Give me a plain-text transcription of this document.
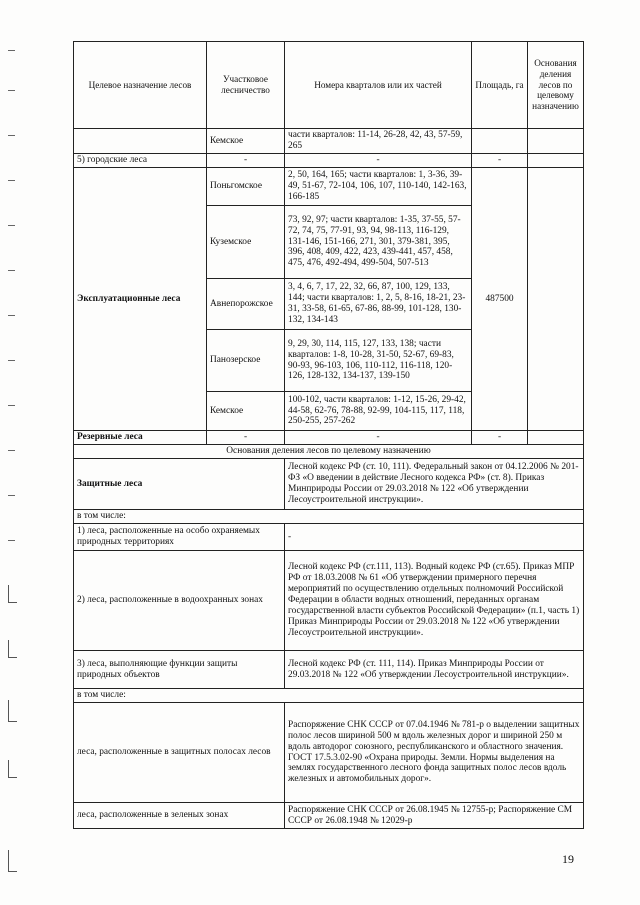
Целевое назначение лесов	Участковое лесничество	Номера кварталов или их частей	Площадь, га	Основания деления лесов по целевому назначению
	Кемское	части кварталов: 11-14, 26-28, 42, 43, 57-59, 265		
5) городские леса	-	-	-	
Эксплуатационные леса	Поньгомское	2, 50, 164, 165; части кварталов: 1, 3-36, 39-49, 51-67, 72-104, 106, 107, 110-140, 142-163, 166-185	487500	
	Куземское	73, 92, 97; части кварталов: 1-35, 37-55, 57-72, 74, 75, 77-91, 93, 94, 98-113, 116-129, 131-146, 151-166, 271, 301, 379-381, 395, 396, 408, 409, 422, 423, 439-441, 457, 458, 475, 476, 492-494, 499-504, 507-513		
	Авнепорожское	3, 4, 6, 7, 17, 22, 32, 66, 87, 100, 129, 133, 144; части кварталов: 1, 2, 5, 8-16, 18-21, 23-31, 33-58, 61-65, 67-86, 88-99, 101-128, 130-132, 134-143		
	Панозерское	9, 29, 30, 114, 115, 127, 133, 138; части кварталов: 1-8, 10-28, 31-50, 52-67, 69-83, 90-93, 96-103, 106, 110-112, 116-118, 120-126, 128-132, 134-137, 139-150		
	Кемское	100-102, части кварталов: 1-12, 15-26, 29-42, 44-58, 62-76, 78-88, 92-99, 104-115, 117, 118, 250-255, 257-262		
Резервные леса	-	-	-	
Основания деления лесов по целевому назначению				
Защитные леса		Лесной кодекс РФ (ст. 10, 111). Федеральный закон от 04.12.2006 № 201-ФЗ «О введении в действие Лесного кодекса РФ» (ст. 8). Приказ Минприроды России от 29.03.2018 № 122 «Об утверждении Лесоустроительной инструкции».		
в том числе:				
1) леса, расположенные на особо охраняемых природных территориях		-		
2) леса, расположенные в водоохранных зонах		Лесной кодекс РФ (ст.111, 113). Водный кодекс РФ (ст.65). Приказ МПР РФ от 18.03.2008 № 61 «Об утверждении примерного перечня мероприятий по осуществлению отдельных полномочий Российской Федерации в области водных отношений, переданных органам государственной власти субъектов Российской Федерации» (п.1, часть 1) Приказ Минприроды России от 29.03.2018 № 122 «Об утверждении Лесоустроительной инструкции».		
3) леса, выполняющие функции защиты природных объектов		Лесной кодекс РФ (ст. 111, 114). Приказ Минприроды России от 29.03.2018 № 122 «Об утверждении Лесоустроительной инструкции».		
в том числе:				
леса, расположенные в защитных полосах лесов		Распоряжение СНК СССР от 07.04.1946 № 781-р о выделении защитных полос лесов шириной 500 м вдоль железных дорог и шириной 250 м вдоль автодорог союзного, республиканского и областного значения. ГОСТ 17.5.3.02-90 «Охрана природы. Земли. Нормы выделения на землях государственного лесного фонда защитных полос лесов вдоль железных и автомобильных дорог».		
леса, расположенные в зеленых зонах		Распоряжение СНК СССР от 26.08.1945 № 12755-р; Распоряжение СМ СССР от 26.08.1948 № 12029-р		
19
